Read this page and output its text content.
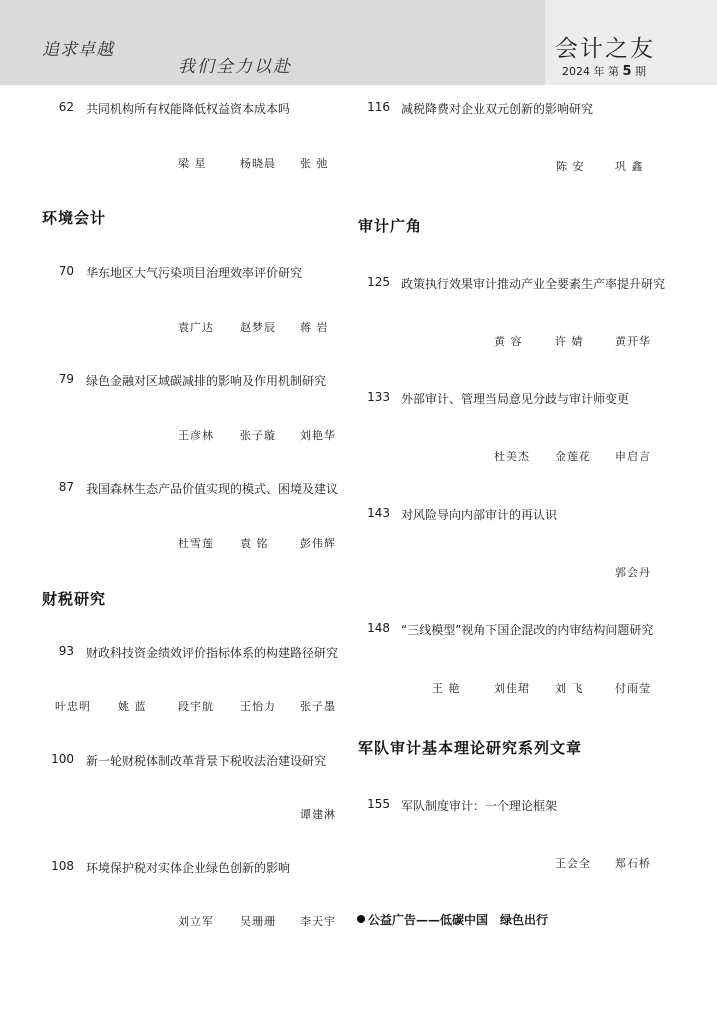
追求卓越
我们全力以赴
会计之友
2024 年 第 5 期
62 共同机构所有权能降低权益资本成本吗
梁 星	杨晓晨 张 弛
环境会计
70 华东地区大气污染项目治理效率评价研究
袁广达 赵梦辰 蒋 岩
79 绿色金融对区域碳减排的影响及作用机制研究
王彦林 张子璇 刘艳华
87 我国森林生态产品价值实现的模式、困境及建议
杜雪莲 袁 铭	彭伟辉
财税研究
93 财政科技资金绩效评价指标体系的构建路径研究
叶忠明 姚 蓝	段宇航 王怡力 张子墨
100 新一轮财税体制改革背景下税收法治建设研究
谭建淋
108 环境保护税对实体企业绿色创新的影响
刘立军 吴珊珊 李天宇
116 减税降费对企业双元创新的影响研究
陈 安	巩 鑫
审计广角
125 政策执行效果审计推动产业全要素生产率提升研究
黄 容	许 婧	黄开华
133 外部审计、管理当局意见分歧与审计师变更
杜美杰 金莲花 申启言
143 对风险导向内部审计的再认识
郭会丹
148 “三线模型”视角下国企混改的内审结构问题研究
王 艳	刘佳珺 刘 飞	付雨莹
军队审计基本理论研究系列文章
155 军队制度审计：一个理论框架
王会全 郑石桥
公益广告——低碳中国　绿色出行
